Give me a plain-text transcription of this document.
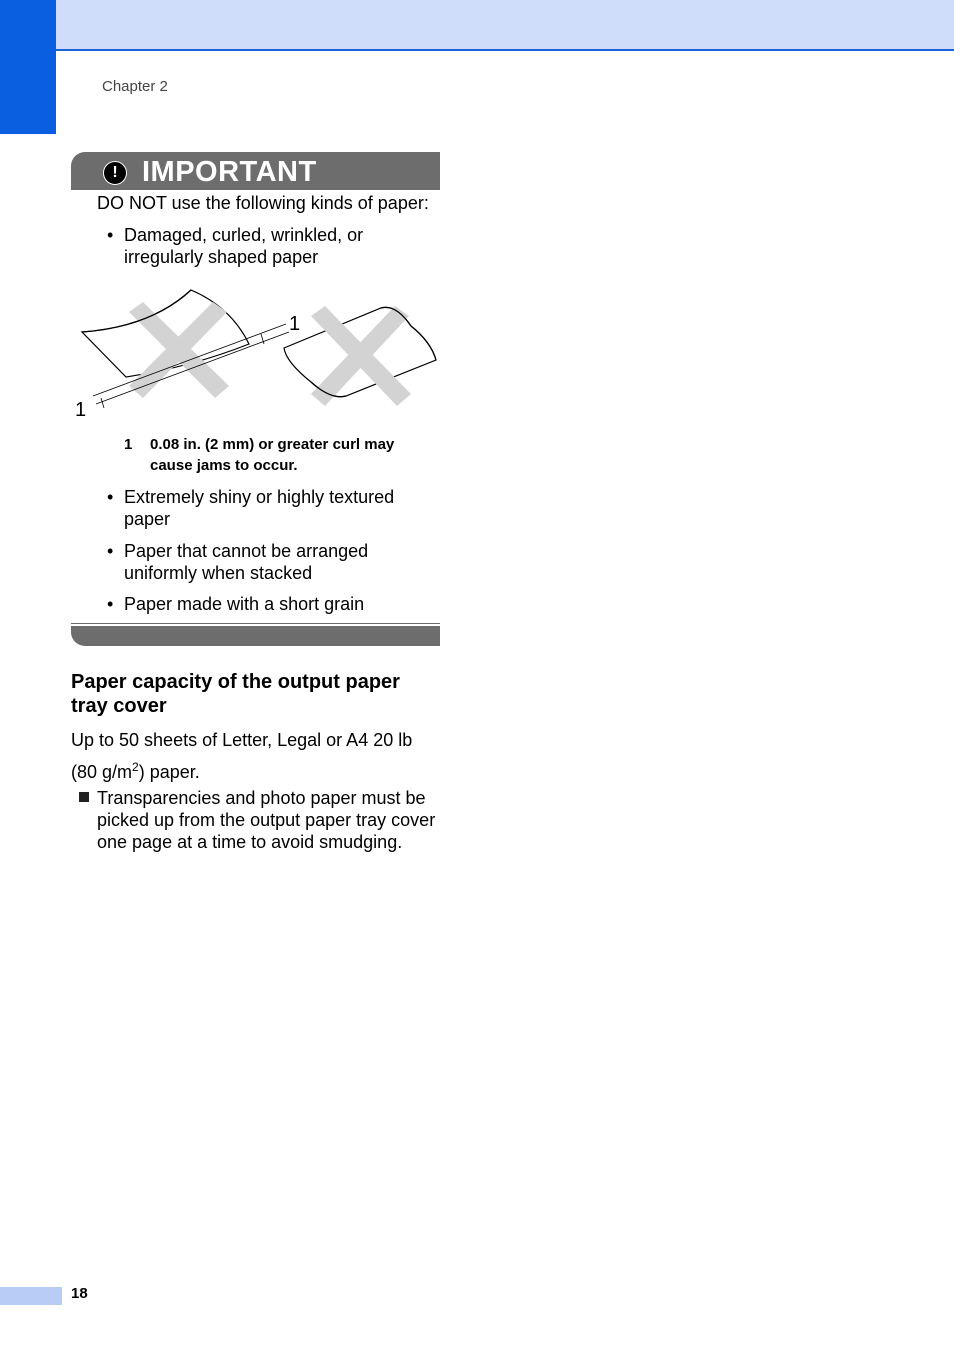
Chapter 2
! IMPORTANT
DO NOT use the following kinds of paper:
• Damaged, curled, wrinkled, or irregularly shaped paper
1
1
1 0.08 in. (2 mm) or greater curl may cause jams to occur.
• Extremely shiny or highly textured paper
• Paper that cannot be arranged uniformly when stacked
• Paper made with a short grain
Paper capacity of the output paper tray cover
Up to 50 sheets of Letter, Legal or A4 20 lb (80 $g/m^2$) paper.
Transparencies and photo paper must be picked up from the output paper tray cover one page at a time to avoid smudging.
18
